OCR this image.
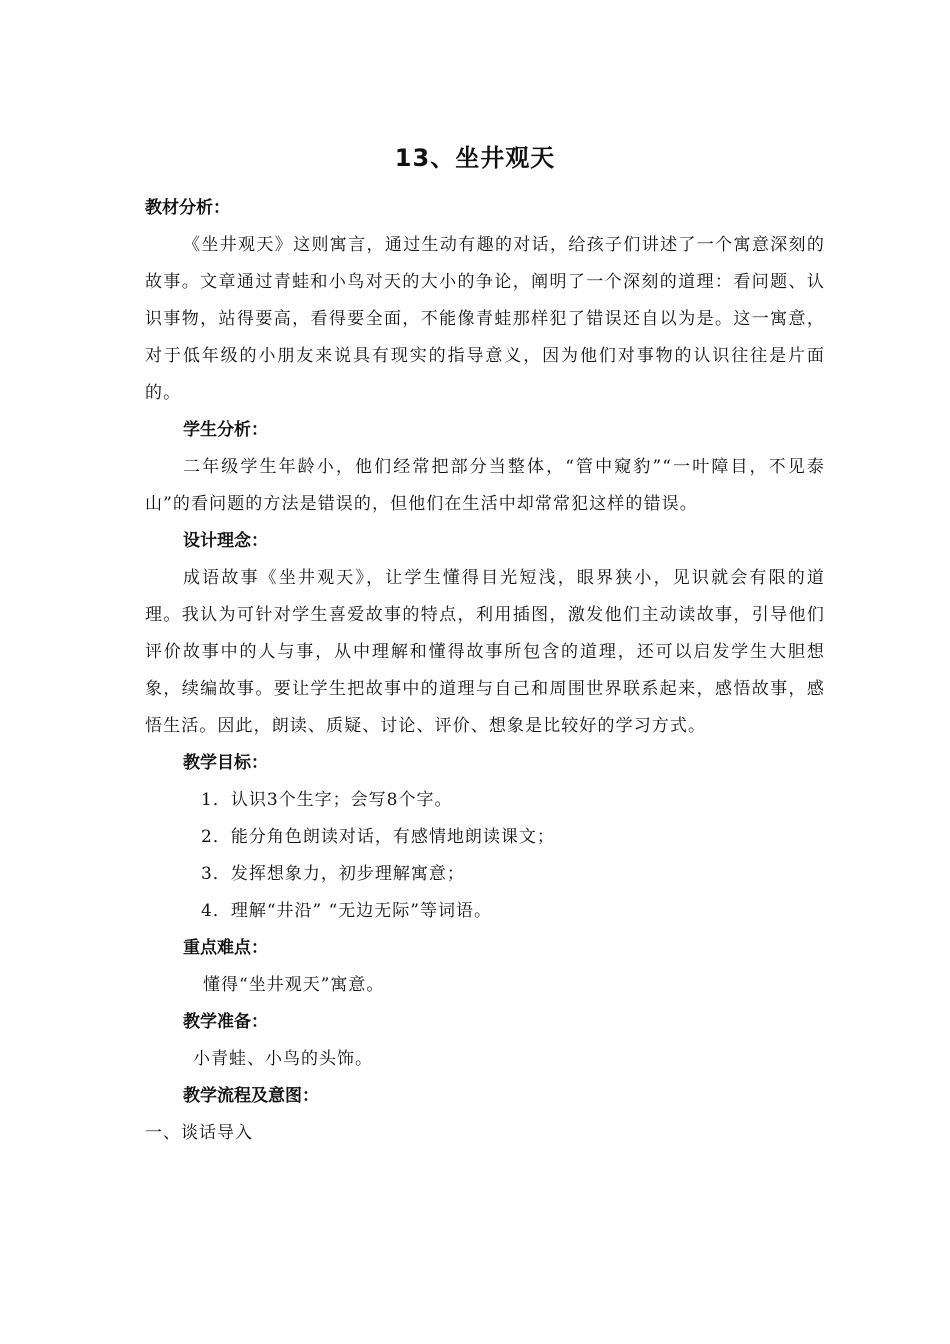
13、坐井观天
教材分析：
《坐井观天》这则寓言，通过生动有趣的对话，给孩子们讲述了一个寓意深刻的故事。文章通过青蛙和小鸟对天的大小的争论，阐明了一个深刻的道理：看问题、认识事物，站得要高，看得要全面，不能像青蛙那样犯了错误还自以为是。这一寓意，对于低年级的小朋友来说具有现实的指导意义，因为他们对事物的认识往往是片面的。
学生分析：
二年级学生年龄小，他们经常把部分当整体，“管中窥豹”“一叶障目，不见泰山”的看问题的方法是错误的，但他们在生活中却常常犯这样的错误。
设计理念：
成语故事《坐井观天》，让学生懂得目光短浅，眼界狭小，见识就会有限的道理。我认为可针对学生喜爱故事的特点，利用插图，激发他们主动读故事，引导他们评价故事中的人与事，从中理解和懂得故事所包含的道理，还可以启发学生大胆想象，续编故事。要让学生把故事中的道理与自己和周围世界联系起来，感悟故事，感悟生活。因此，朗读、质疑、讨论、评价、想象是比较好的学习方式。
教学目标：
1．认识3个生字；会写8个字。
2．能分角色朗读对话，有感情地朗读课文；
3．发挥想象力，初步理解寓意；
4．理解“井沿” “无边无际”等词语。
重点难点：
懂得“坐井观天”寓意。
教学准备：
小青蛙、小鸟的头饰。
教学流程及意图：
一、谈话导入
